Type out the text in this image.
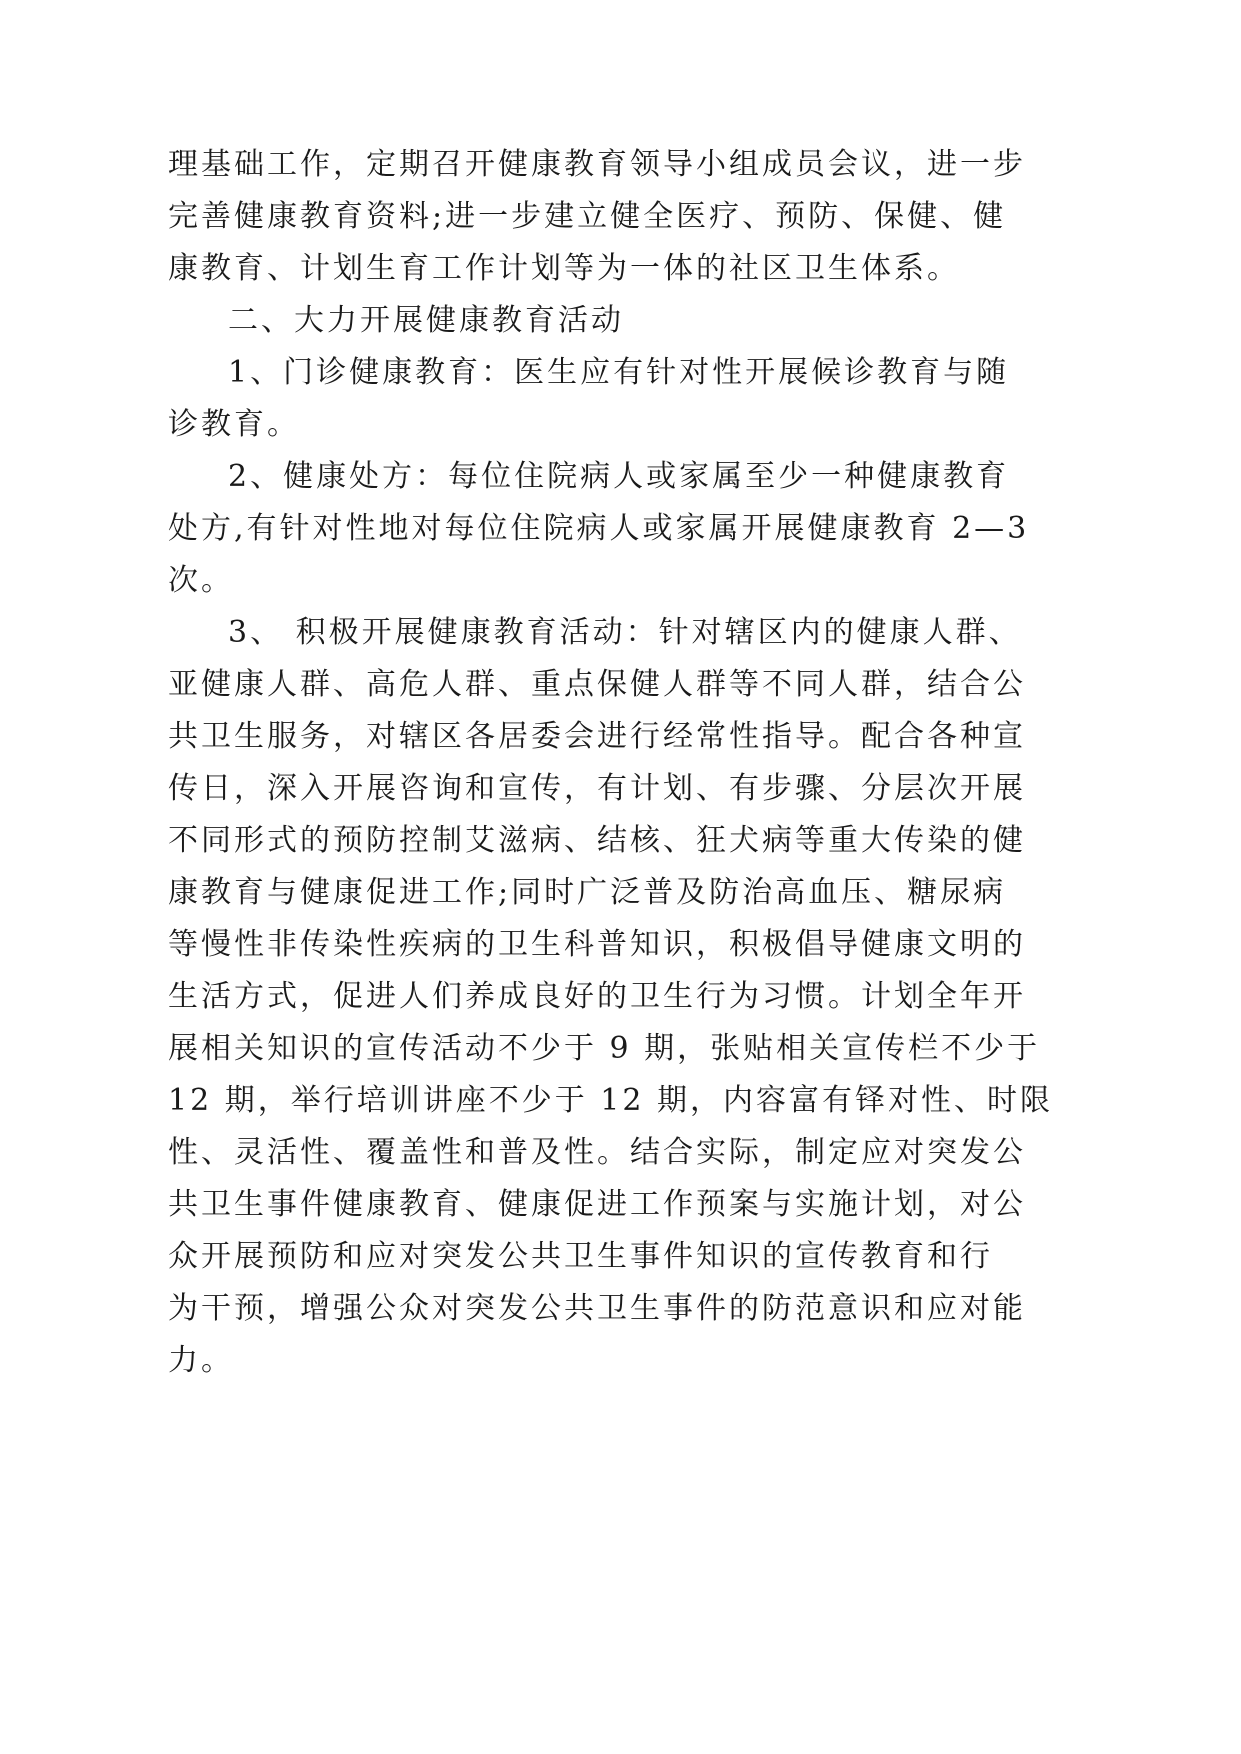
理基础工作，定期召开健康教育领导小组成员会议，进一步
完善健康教育资料;进一步建立健全医疗、预防、保健、健
康教育、计划生育工作计划等为一体的社区卫生体系。
二、大力开展健康教育活动
1、门诊健康教育：医生应有针对性开展候诊教育与随
诊教育。
2、健康处方：每位住院病人或家属至少一种健康教育
处方,有针对性地对每位住院病人或家属开展健康教育 2—3
次。
3、 积极开展健康教育活动：针对辖区内的健康人群、
亚健康人群、高危人群、重点保健人群等不同人群，结合公
共卫生服务，对辖区各居委会进行经常性指导。配合各种宣
传日，深入开展咨询和宣传，有计划、有步骤、分层次开展
不同形式的预防控制艾滋病、结核、狂犬病等重大传染的健
康教育与健康促进工作;同时广泛普及防治高血压、糖尿病
等慢性非传染性疾病的卫生科普知识，积极倡导健康文明的
生活方式，促进人们养成良好的卫生行为习惯。计划全年开
展相关知识的宣传活动不少于 9 期，张贴相关宣传栏不少于
12 期，举行培训讲座不少于 12 期，内容富有铎对性、时限
性、灵活性、覆盖性和普及性。结合实际，制定应对突发公
共卫生事件健康教育、健康促进工作预案与实施计划，对公
众开展预防和应对突发公共卫生事件知识的宣传教育和行
为干预，增强公众对突发公共卫生事件的防范意识和应对能
力。
